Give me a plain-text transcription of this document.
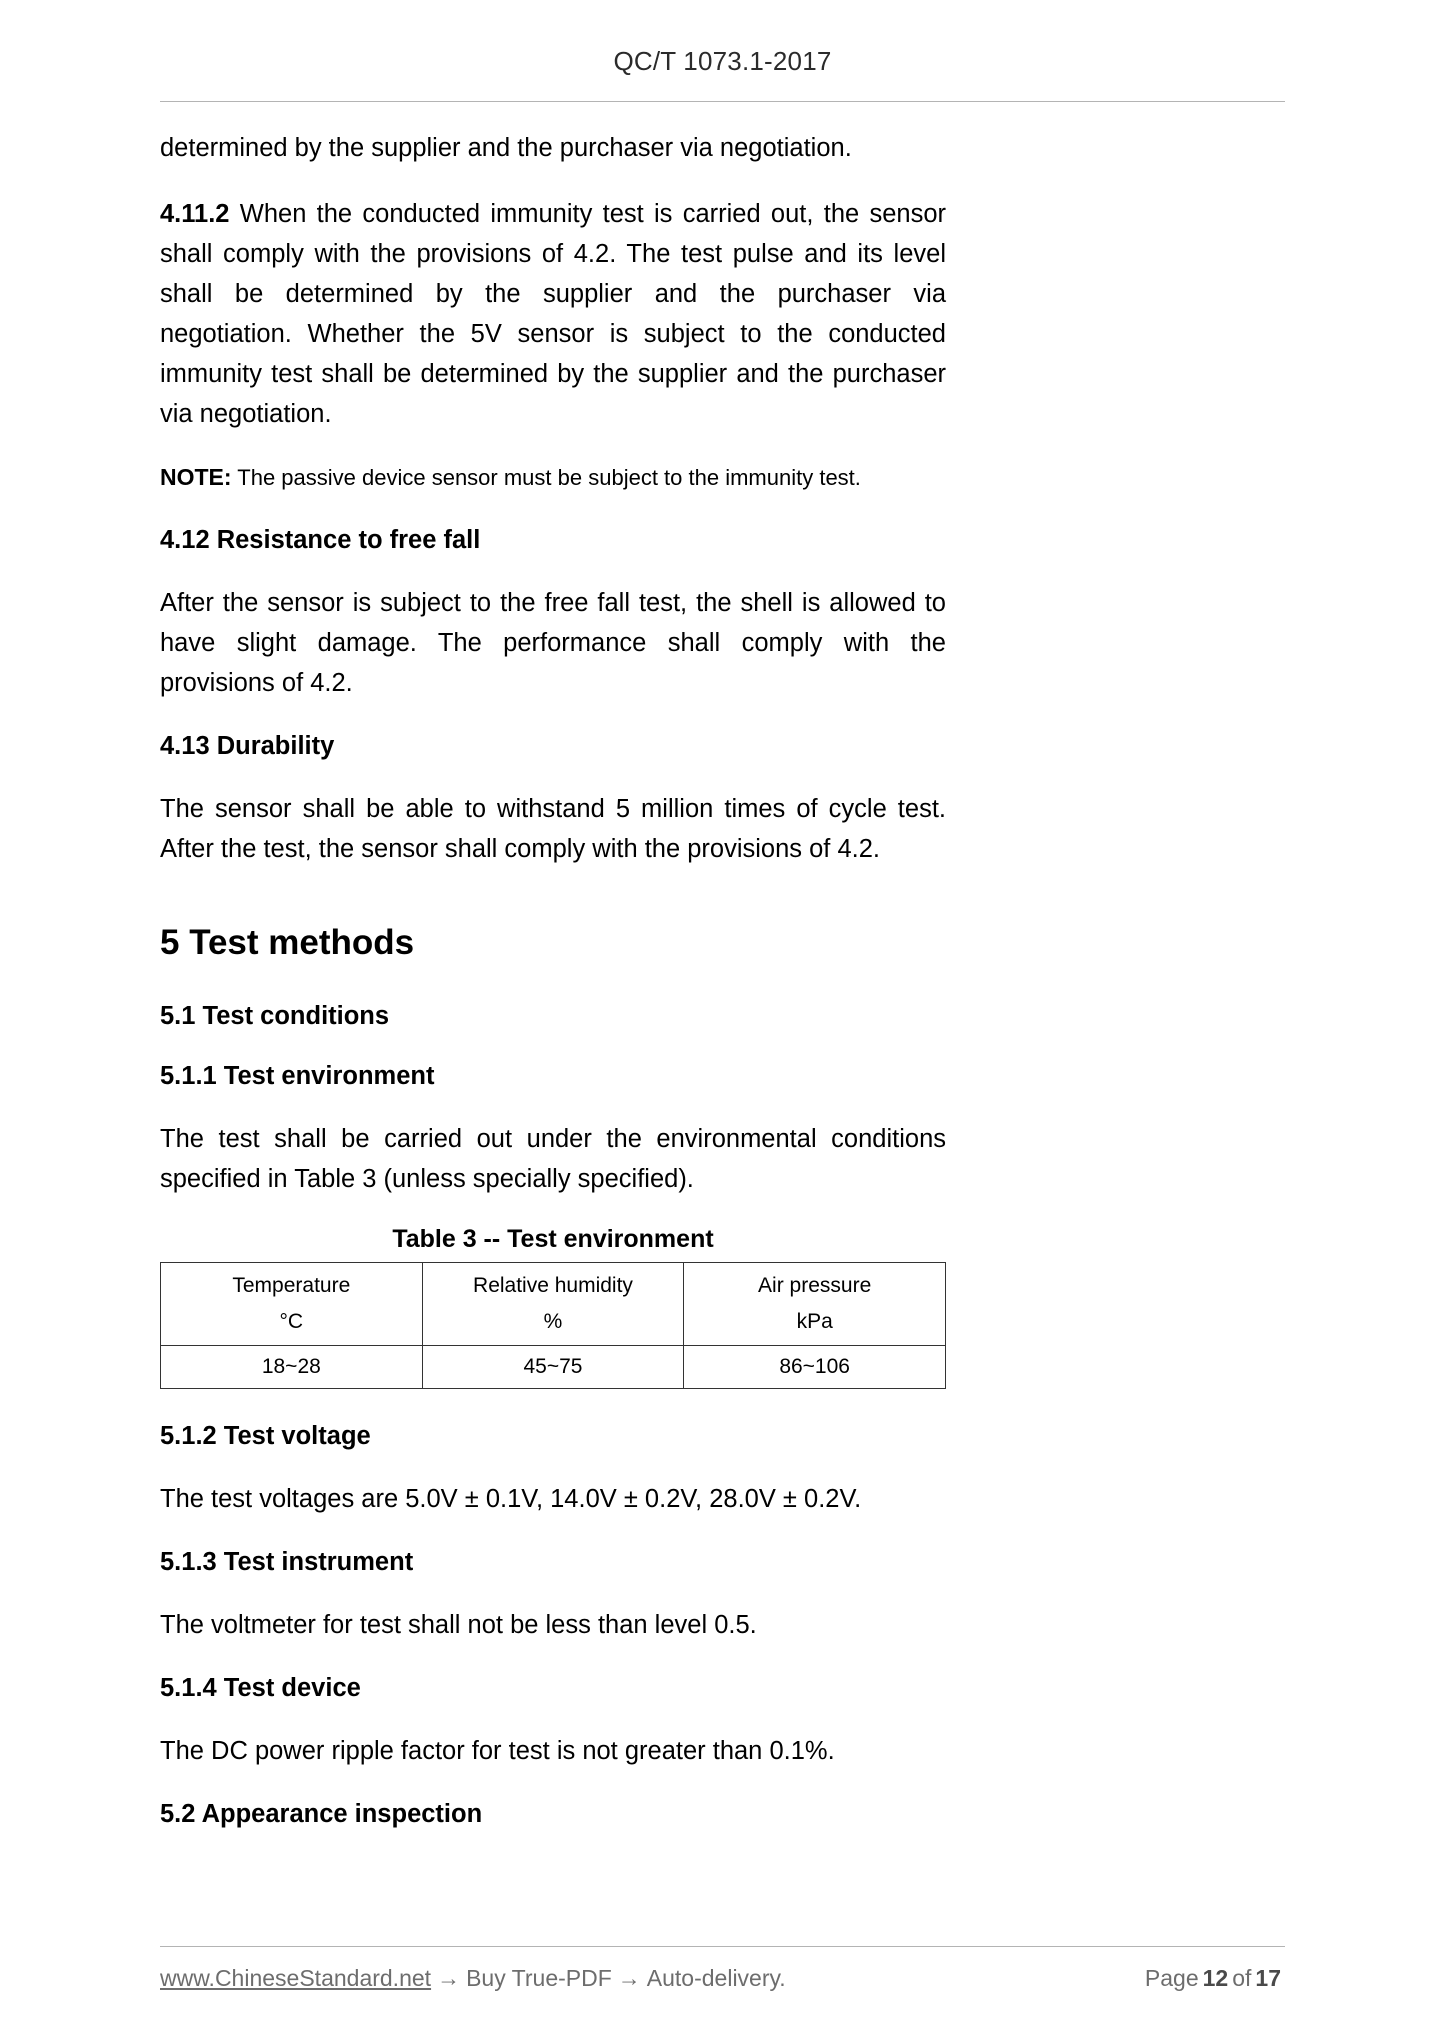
QC/T 1073.1-2017

determined by the supplier and the purchaser via negotiation.

4.11.2 When the conducted immunity test is carried out, the sensor shall comply with the provisions of 4.2. The test pulse and its level shall be determined by the supplier and the purchaser via negotiation. Whether the 5V sensor is subject to the conducted immunity test shall be determined by the supplier and the purchaser via negotiation.

NOTE: The passive device sensor must be subject to the immunity test.

4.12 Resistance to free fall

After the sensor is subject to the free fall test, the shell is allowed to have slight damage. The performance shall comply with the provisions of 4.2.

4.13 Durability

The sensor shall be able to withstand 5 million times of cycle test. After the test, the sensor shall comply with the provisions of 4.2.

5 Test methods
5.1 Test conditions
5.1.1 Test environment

The test shall be carried out under the environmental conditions specified in Table 3 (unless specially specified).

Table 3 -- Test environment
Temperature	Relative humidity	Air pressure
°C	%	kPa
18~28	45~75	86~106
5.1.2 Test voltage

The test voltages are 5.0V ± 0.1V, 14.0V ± 0.2V, 28.0V ± 0.2V.

5.1.3 Test instrument

The voltmeter for test shall not be less than level 0.5.

5.1.4 Test device

The DC power ripple factor for test is not greater than 0.1%.

5.2 Appearance inspection
www.ChineseStandard.net → Buy True-PDF → Auto-delivery.	Page 12 of 17
